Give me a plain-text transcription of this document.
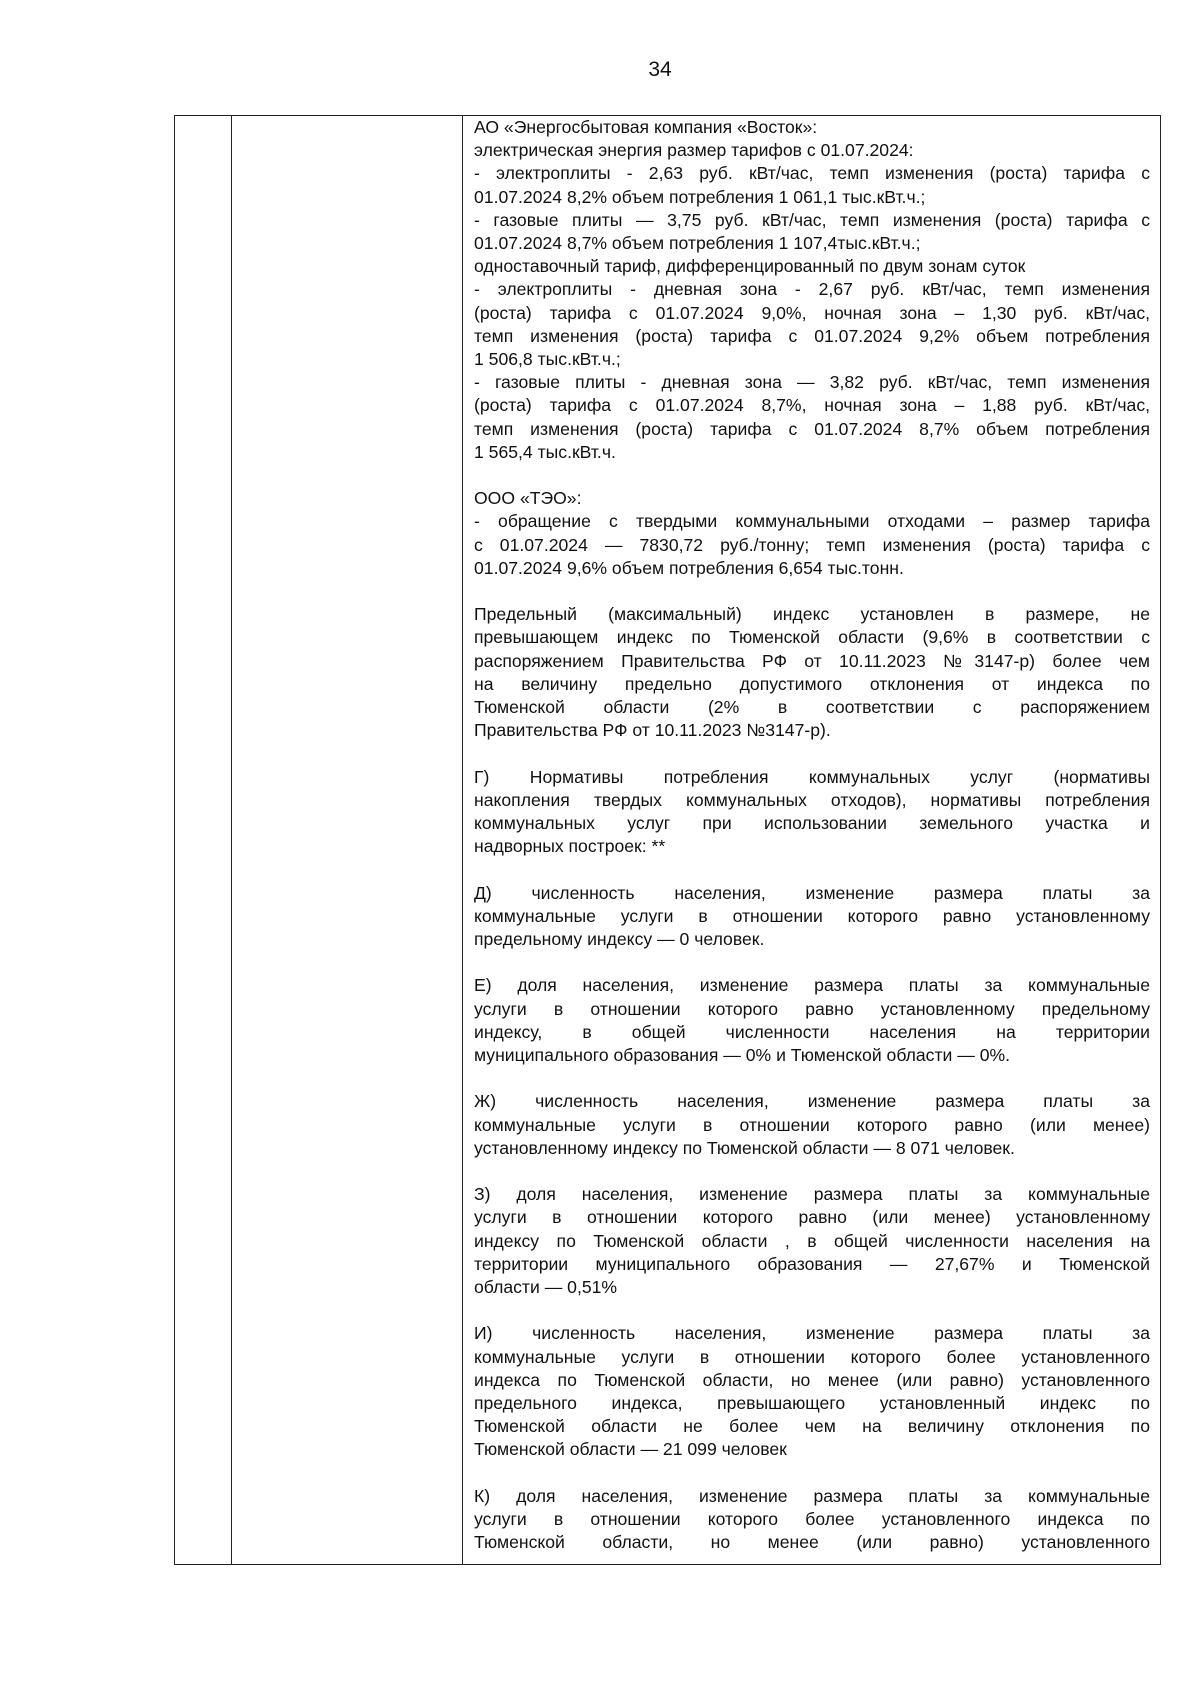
34

АО «Энергосбытовая компания «Восток»:
электрическая энергия размер тарифов с 01.07.2024:
- электроплиты - 2,63 руб. кВт/час, темп изменения (роста) тарифа с
01.07.2024 8,2% объем потребления 1 061,1 тыс.кВт.ч.;
- газовые плиты — 3,75 руб. кВт/час, темп изменения (роста) тарифа с
01.07.2024 8,7% объем потребления 1 107,4тыс.кВт.ч.;
одноставочный тариф, дифференцированный по двум зонам суток
- электроплиты - дневная зона - 2,67 руб. кВт/час, темп изменения
(роста) тарифа с 01.07.2024 9,0%, ночная зона – 1,30 руб. кВт/час,
темп изменения (роста) тарифа с 01.07.2024 9,2% объем потребления
1 506,8 тыс.кВт.ч.;
- газовые плиты - дневная зона — 3,82 руб. кВт/час, темп изменения
(роста) тарифа с 01.07.2024 8,7%, ночная зона – 1,88 руб. кВт/час,
темп изменения (роста) тарифа с 01.07.2024 8,7% объем потребления
1 565,4 тыс.кВт.ч.

ООО «ТЭО»:
- обращение с твердыми коммунальными отходами – размер тарифа
с 01.07.2024 — 7830,72 руб./тонну; темп изменения (роста) тарифа с
01.07.2024 9,6% объем потребления 6,654 тыс.тонн.

Предельный (максимальный) индекс установлен в размере, не
превышающем индекс по Тюменской области (9,6% в соответствии с
распоряжением Правительства РФ от 10.11.2023 №3147-р) более чем
на величину предельно допустимого отклонения от индекса по
Тюменской области (2% в соответствии с распоряжением
Правительства РФ от 10.11.2023 №3147-р).

Г) Нормативы потребления коммунальных услуг (нормативы
накопления твердых коммунальных отходов), нормативы потребления
коммунальных услуг при использовании земельного участка и
надворных построек: **

Д) численность населения, изменение размера платы за
коммунальные услуги в отношении которого равно установленному
предельному индексу — 0 человек.

Е) доля населения, изменение размера платы за коммунальные
услуги в отношении которого равно установленному предельному
индексу, в общей численности населения на территории
муниципального образования — 0% и Тюменской области — 0%.

Ж) численность населения, изменение размера платы за
коммунальные услуги в отношении которого равно (или менее)
установленному индексу по Тюменской области — 8 071 человек.

З) доля населения, изменение размера платы за коммунальные
услуги в отношении которого равно (или менее) установленному
индексу по Тюменской области , в общей численности населения на
территории муниципального образования — 27,67% и Тюменской
области — 0,51%

И) численность населения, изменение размера платы за
коммунальные услуги в отношении которого более установленного
индекса по Тюменской области, но менее (или равно) установленного
предельного индекса, превышающего установленный индекс по
Тюменской области не более чем на величину отклонения по
Тюменской области — 21 099 человек

К) доля населения, изменение размера платы за коммунальные
услуги в отношении которого более установленного индекса по
Тюменской области, но менее (или равно) установленного
